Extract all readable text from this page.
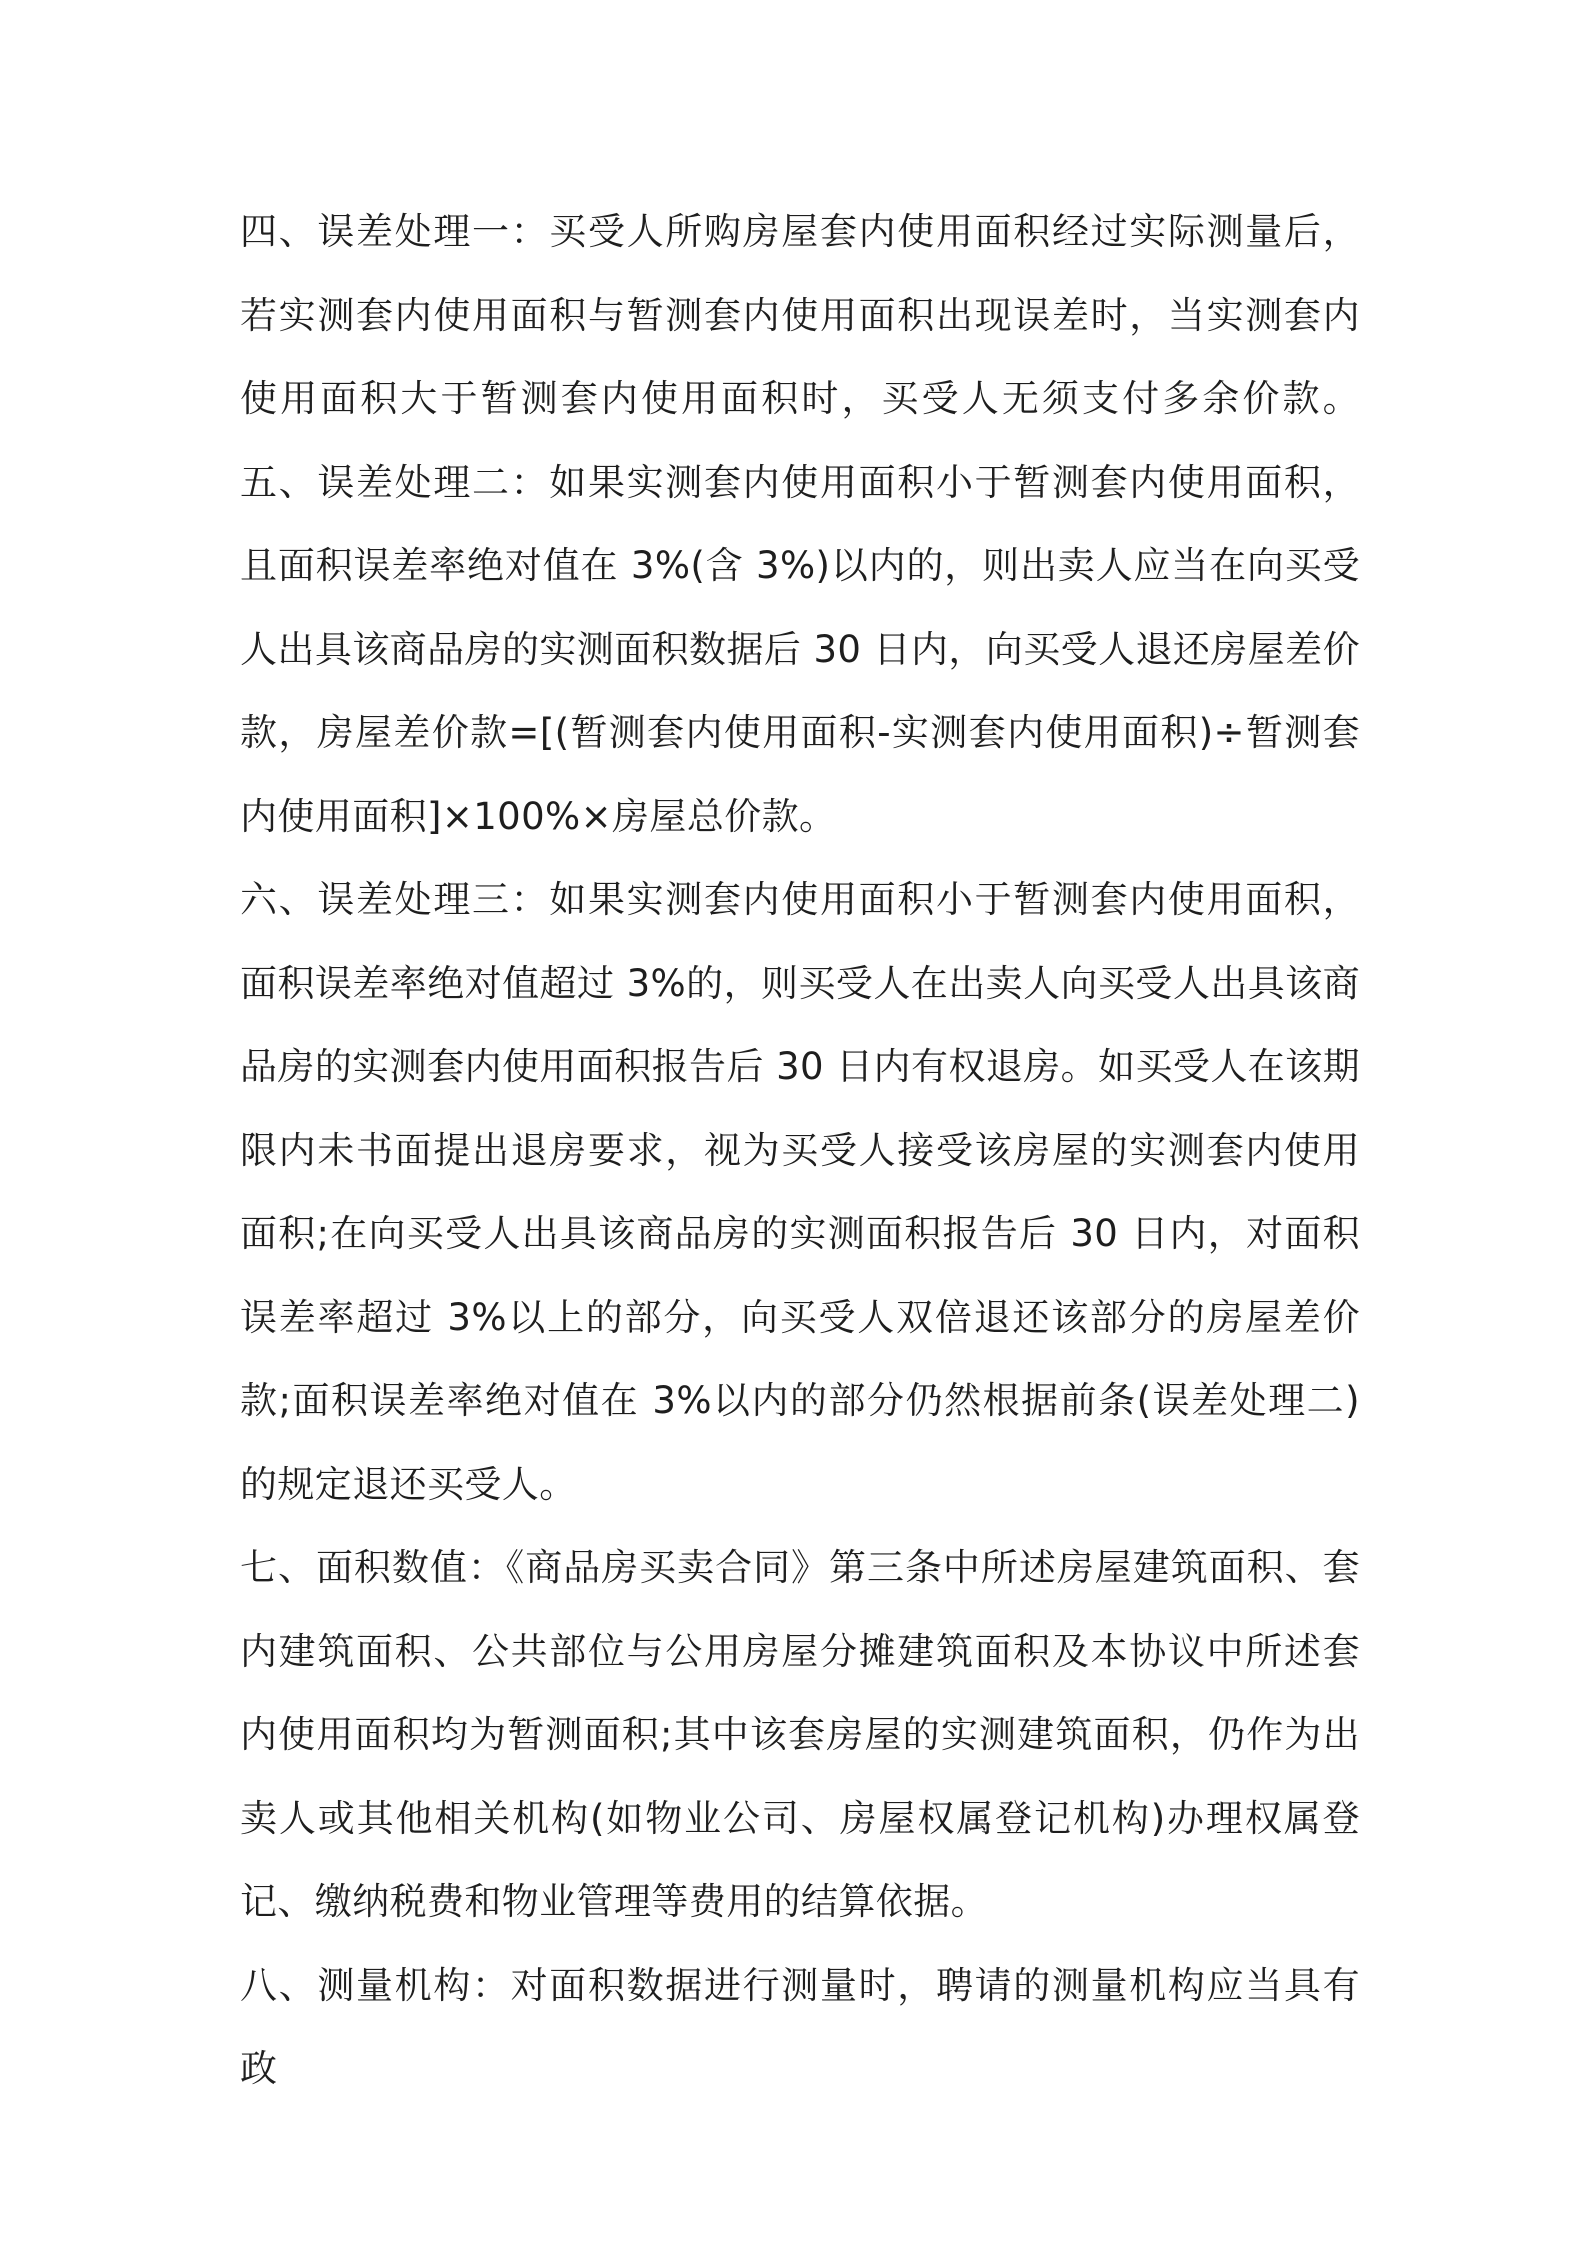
四、误差处理一：买受人所购房屋套内使用面积经过实际测量后，若实测套内使用面积与暂测套内使用面积出现误差时，当实测套内使用面积大于暂测套内使用面积时，买受人无须支付多余价款。五、误差处理二：如果实测套内使用面积小于暂测套内使用面积，且面积误差率绝对值在 3%(含 3%)以内的，则出卖人应当在向买受人出具该商品房的实测面积数据后 30 日内，向买受人退还房屋差价款，房屋差价款=[(暂测套内使用面积-实测套内使用面积)÷暂测套内使用面积]×100%×房屋总价款。

六、误差处理三：如果实测套内使用面积小于暂测套内使用面积，面积误差率绝对值超过 3%的，则买受人在出卖人向买受人出具该商品房的实测套内使用面积报告后 30 日内有权退房。如买受人在该期限内未书面提出退房要求，视为买受人接受该房屋的实测套内使用面积;在向买受人出具该商品房的实测面积报告后 30 日内，对面积误差率超过 3%以上的部分，向买受人双倍退还该部分的房屋差价款;面积误差率绝对值在 3%以内的部分仍然根据前条(误差处理二)的规定退还买受人。

七、面积数值：《商品房买卖合同》第三条中所述房屋建筑面积、套内建筑面积、公共部位与公用房屋分摊建筑面积及本协议中所述套内使用面积均为暂测面积;其中该套房屋的实测建筑面积，仍作为出卖人或其他相关机构(如物业公司、房屋权属登记机构)办理权属登记、缴纳税费和物业管理等费用的结算依据。

八、测量机构：对面积数据进行测量时，聘请的测量机构应当具有政
